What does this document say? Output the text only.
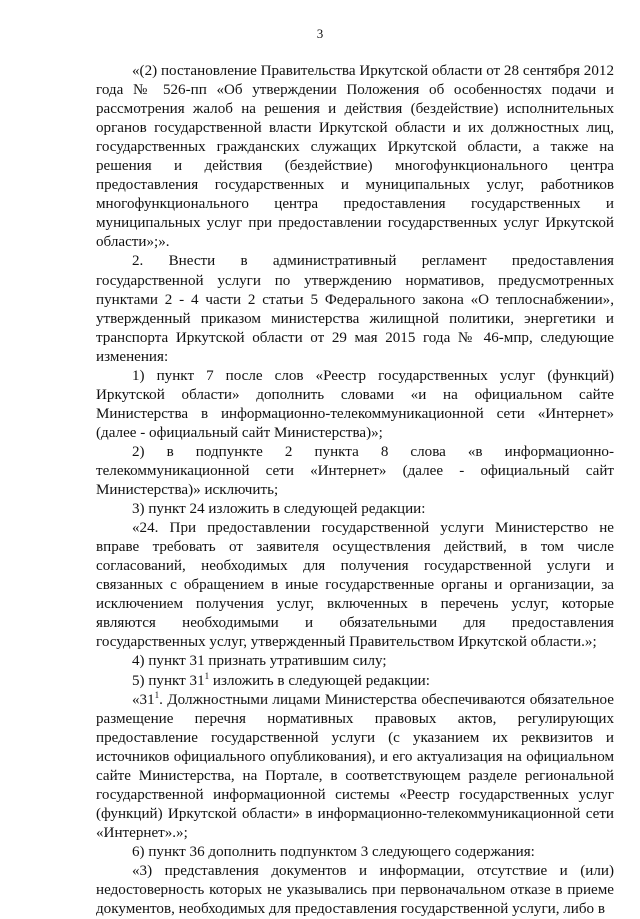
3

«(2) постановление Правительства Иркутской области от 28 сентября 2012 года № 526-пп «Об утверждении Положения об особенностях подачи и рассмотрения жалоб на решения и действия (бездействие) исполнительных органов государственной власти Иркутской области и их должностных лиц, государственных гражданских служащих Иркутской области, а также на решения и действия (бездействие) многофункционального центра предоставления государственных и муниципальных услуг, работников многофункционального центра предоставления государственных и муниципальных услуг при предоставлении государственных услуг Иркутской области»;».

2. Внести в административный регламент предоставления государственной услуги по утверждению нормативов, предусмотренных пунктами 2 - 4 части 2 статьи 5 Федерального закона «О теплоснабжении», утвержденный приказом министерства жилищной политики, энергетики и транспорта Иркутской области от 29 мая 2015 года № 46-мпр, следующие изменения:

1) пункт 7 после слов «Реестр государственных услуг (функций) Иркутской области» дополнить словами «и на официальном сайте Министерства в информационно-телекоммуникационной сети «Интернет» (далее - официальный сайт Министерства)»;

2) в подпункте 2 пункта 8 слова «в информационно-телекоммуникационной сети «Интернет» (далее - официальный сайт Министерства)» исключить;

3) пункт 24 изложить в следующей редакции:

«24. При предоставлении государственной услуги Министерство не вправе требовать от заявителя осуществления действий, в том числе согласований, необходимых для получения государственной услуги и связанных с обращением в иные государственные органы и организации, за исключением получения услуг, включенных в перечень услуг, которые являются необходимыми и обязательными для предоставления государственных услуг, утвержденный Правительством Иркутской области.»;

4) пункт 31 признать утратившим силу;

5) пункт $31^1$ изложить в следующей редакции:

«$31^1$. Должностными лицами Министерства обеспечиваются обязательное размещение перечня нормативных правовых актов, регулирующих предоставление государственной услуги (с указанием их реквизитов и источников официального опубликования), и его актуализация на официальном сайте Министерства, на Портале, в соответствующем разделе региональной государственной информационной системы «Реестр государственных услуг (функций) Иркутской области» в информационно-телекоммуникационной сети «Интернет».»;

6) пункт 36 дополнить подпунктом 3 следующего содержания:

«3) представления документов и информации, отсутствие и (или) недостоверность которых не указывались при первоначальном отказе в приеме документов, необходимых для предоставления государственной услуги, либо в
